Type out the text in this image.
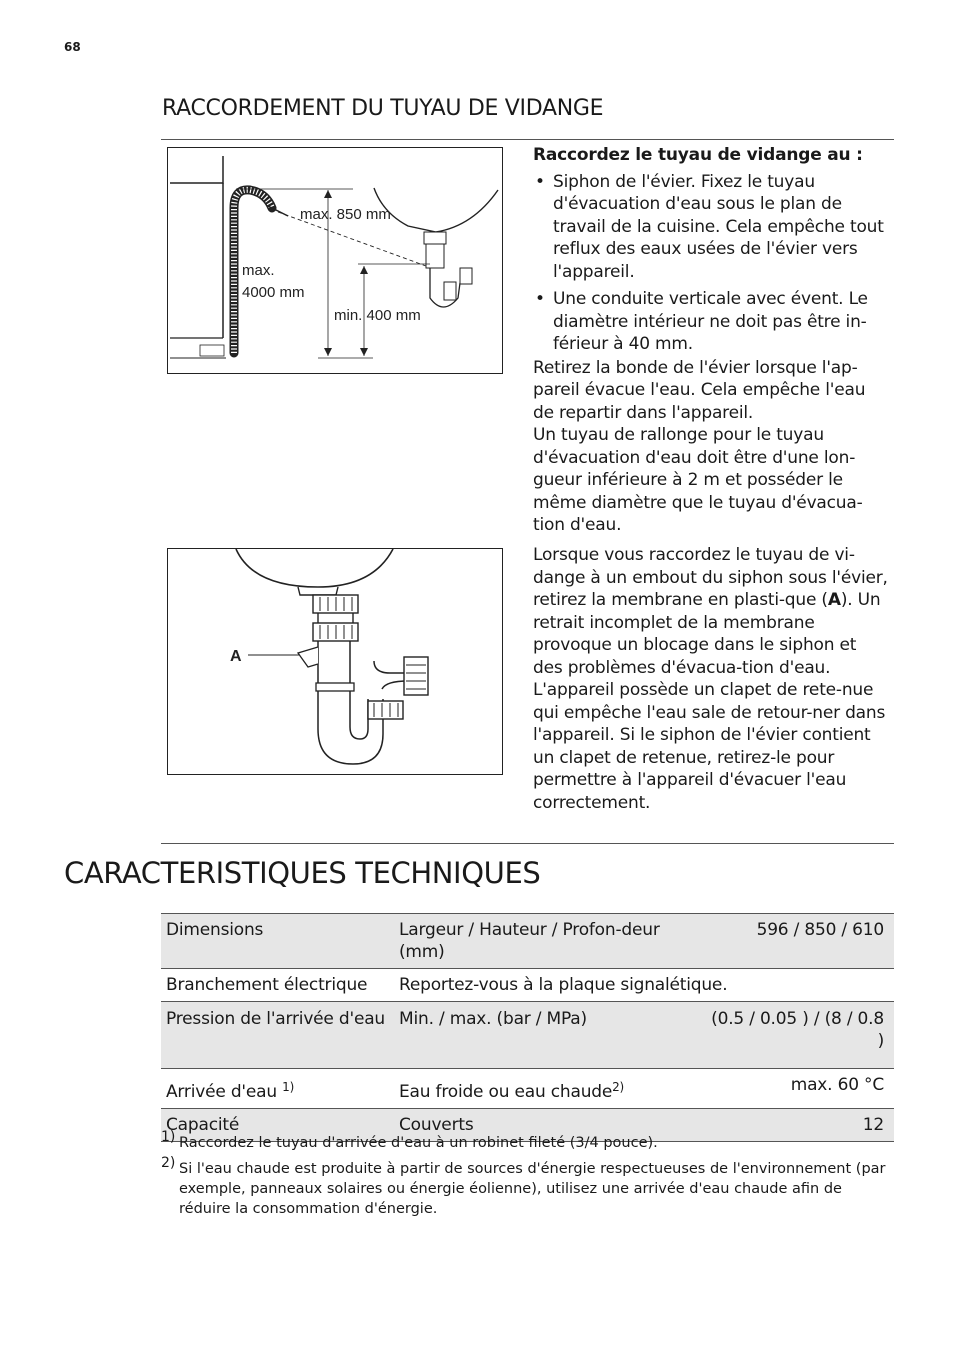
68
RACCORDEMENT DU TUYAU DE VIDANGE
max. 850 mm
max.
4000 mm
min. 400 mm
A

Raccordez le tuyau de vidange au :

• Siphon de l'évier. Fixez le tuyau d'évacuation d'eau sous le plan de travail de la cuisine. Cela empêche tout reflux des eaux usées de l'évier vers l'appareil.
• Une conduite verticale avec évent. Le diamètre intérieur ne doit pas être in-férieur à 40 mm.

Retirez la bonde de l'évier lorsque l'ap-pareil évacue l'eau. Cela empêche l'eau de repartir dans l'appareil.

Un tuyau de rallonge pour le tuyau d'évacuation d'eau doit être d'une lon-gueur inférieure à 2 m et posséder le même diamètre que le tuyau d'évacua-tion d'eau.

Lorsque vous raccordez le tuyau de vi-dange à un embout du siphon sous l'évier, retirez la membrane en plasti-que (A). Un retrait incomplet de la membrane provoque un blocage dans le siphon et des problèmes d'évacua-tion d'eau.

L'appareil possède un clapet de rete-nue qui empêche l'eau sale de retour-ner dans l'appareil. Si le siphon de l'évier contient un clapet de retenue, retirez-le pour permettre à l'appareil d'évacuer l'eau correctement.

CARACTERISTIQUES TECHNIQUES
Dimensions	Largeur / Hauteur / Profon-deur (mm)	596 / 850 / 610
Branchement électrique	Reportez-vous à la plaque signalétique.	
Pression de l'arrivée d'eau	Min. / max. (bar / MPa)	(0.5 / 0.05 ) / (8 / 0.8 )
Arrivée d'eau $^{1)}$	Eau froide ou eau chaude$^{2)}$	max. 60 °C
Capacité	Couverts	12
1) Raccordez le tuyau d'arrivée d'eau à un robinet fileté (3/4 pouce).
2) Si l'eau chaude est produite à partir de sources d'énergie respectueuses de l'environnement (par exemple, panneaux solaires ou énergie éolienne), utilisez une arrivée d'eau chaude afin de réduire la consommation d'énergie.
